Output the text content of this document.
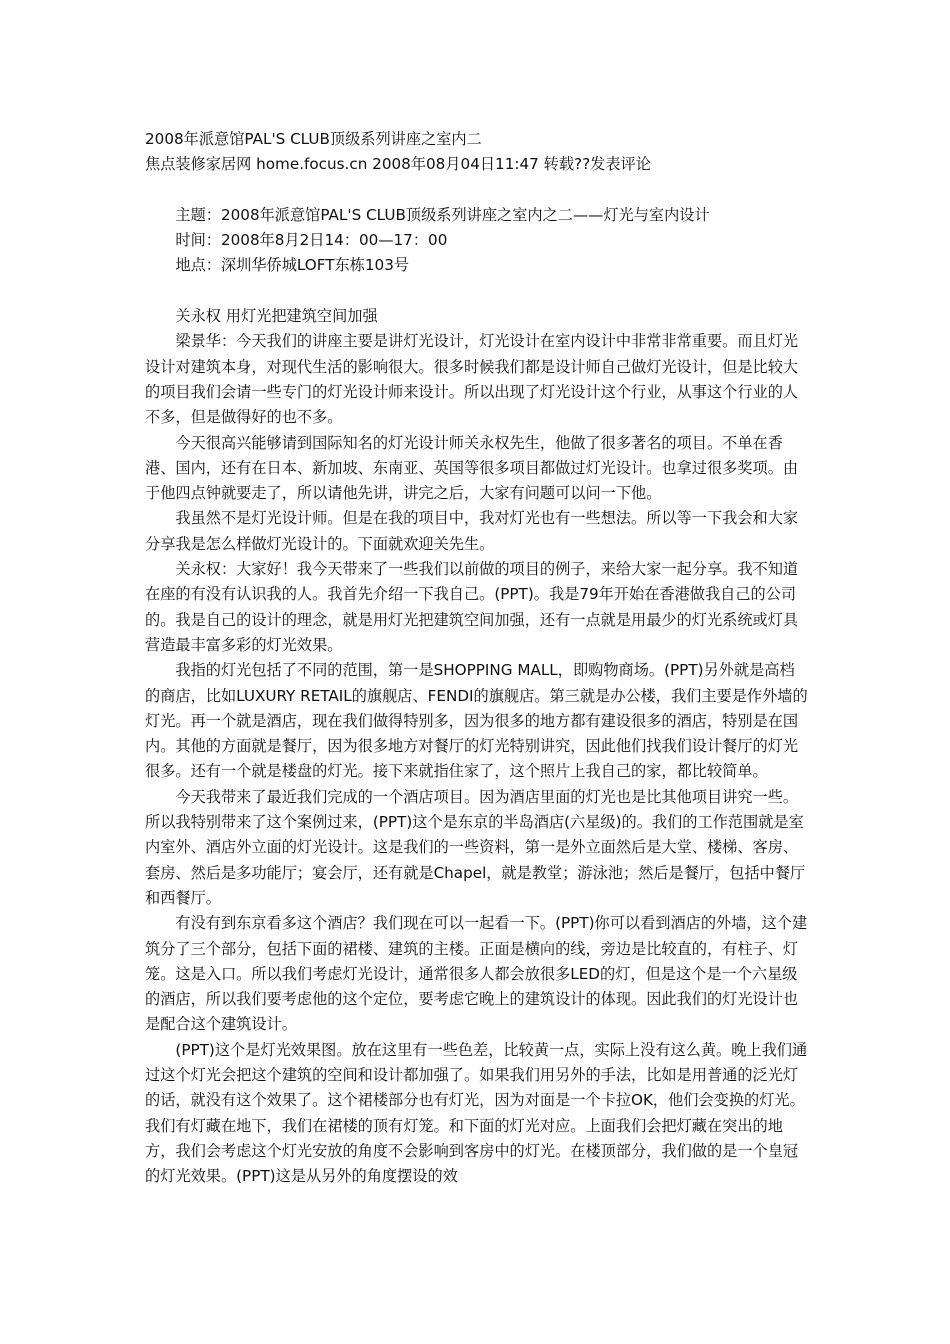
2008年派意馆PAL'S CLUB顶级系列讲座之室内二

焦点装修家居网 home.focus.cn 2008年08月04日11:47 转载??发表评论

主题：2008年派意馆PAL'S CLUB顶级系列讲座之室内之二——灯光与室内设计

时间：2008年8月2日14：00—17：00

地点：深圳华侨城LOFT东栋103号

关永权 用灯光把建筑空间加强

梁景华：今天我们的讲座主要是讲灯光设计，灯光设计在室内设计中非常非常重要。而且灯光设计对建筑本身，对现代生活的影响很大。很多时候我们都是设计师自己做灯光设计，但是比较大的项目我们会请一些专门的灯光设计师来设计。所以出现了灯光设计这个行业，从事这个行业的人不多，但是做得好的也不多。

今天很高兴能够请到国际知名的灯光设计师关永权先生，他做了很多著名的项目。不单在香港、国内，还有在日本、新加坡、东南亚、英国等很多项目都做过灯光设计。也拿过很多奖项。由于他四点钟就要走了，所以请他先讲，讲完之后，大家有问题可以问一下他。

我虽然不是灯光设计师。但是在我的项目中，我对灯光也有一些想法。所以等一下我会和大家分享我是怎么样做灯光设计的。下面就欢迎关先生。

关永权：大家好！我今天带来了一些我们以前做的项目的例子，来给大家一起分享。我不知道在座的有没有认识我的人。我首先介绍一下我自己。(PPT)。我是79年开始在香港做我自己的公司的。我是自己的设计的理念，就是用灯光把建筑空间加强，还有一点就是用最少的灯光系统或灯具营造最丰富多彩的灯光效果。

我指的灯光包括了不同的范围，第一是SHOPPING MALL，即购物商场。(PPT)另外就是高档的商店，比如LUXURY RETAIL的旗舰店、FENDI的旗舰店。第三就是办公楼，我们主要是作外墙的灯光。再一个就是酒店，现在我们做得特别多，因为很多的地方都有建设很多的酒店，特别是在国内。其他的方面就是餐厅，因为很多地方对餐厅的灯光特别讲究，因此他们找我们设计餐厅的灯光很多。还有一个就是楼盘的灯光。接下来就指住家了，这个照片上我自己的家，都比较简单。

今天我带来了最近我们完成的一个酒店项目。因为酒店里面的灯光也是比其他项目讲究一些。所以我特别带来了这个案例过来，(PPT)这个是东京的半岛酒店(六星级)的。我们的工作范围就是室内室外、酒店外立面的灯光设计。这是我们的一些资料，第一是外立面然后是大堂、楼梯、客房、套房、然后是多功能厅；宴会厅，还有就是Chapel，就是教堂；游泳池；然后是餐厅，包括中餐厅和西餐厅。

有没有到东京看多这个酒店？我们现在可以一起看一下。(PPT)你可以看到酒店的外墙，这个建筑分了三个部分，包括下面的裙楼、建筑的主楼。正面是横向的线，旁边是比较直的，有柱子、灯笼。这是入口。所以我们考虑灯光设计，通常很多人都会放很多LED的灯，但是这个是一个六星级的酒店，所以我们要考虑他的这个定位，要考虑它晚上的建筑设计的体现。因此我们的灯光设计也是配合这个建筑设计。

(PPT)这个是灯光效果图。放在这里有一些色差，比较黄一点，实际上没有这么黄。晚上我们通过这个灯光会把这个建筑的空间和设计都加强了。如果我们用另外的手法，比如是用普通的泛光灯的话，就没有这个效果了。这个裙楼部分也有灯光，因为对面是一个卡拉OK，他们会变换的灯光。我们有灯藏在地下，我们在裙楼的顶有灯笼。和下面的灯光对应。上面我们会把灯藏在突出的地方，我们会考虑这个灯光安放的角度不会影响到客房中的灯光。在楼顶部分，我们做的是一个皇冠的灯光效果。(PPT)这是从另外的角度摆设的效
